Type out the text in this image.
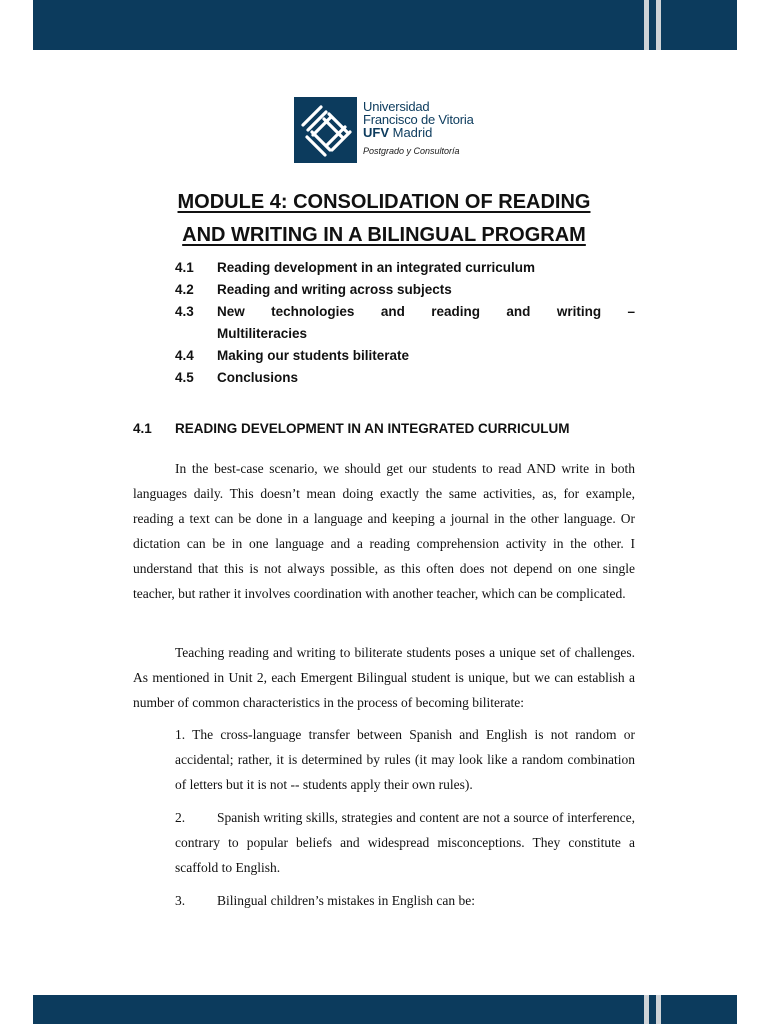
Universidad
Francisco de Vitoria
UFV Madrid
Postgrado y Consultoría
MODULE 4: CONSOLIDATION OF READING
AND WRITING IN A BILINGUAL PROGRAM
4.1	Reading development in an integrated curriculum
4.2	Reading and writing across subjects
4.3	New technologies and reading and writing –
Multiliteracies
4.4	Making our students biliterate
4.5	Conclusions
4.1 READING DEVELOPMENT IN AN INTEGRATED CURRICULUM
In the best-case scenario, we should get our students to read AND write in both languages daily. This doesn’t mean doing exactly the same activities, as, for example, reading a text can be done in a language and keeping a journal in the other language. Or dictation can be in one language and a reading comprehension activity in the other. I understand that this is not always possible, as this often does not depend on one single teacher, but rather it involves coordination with another teacher, which can be complicated.
Teaching reading and writing to biliterate students poses a unique set of challenges. As mentioned in Unit 2, each Emergent Bilingual student is unique, but we can establish a number of common characteristics in the process of becoming biliterate:
1. The cross-language transfer between Spanish and English is not random or accidental; rather, it is determined by rules (it may look like a random combination of letters but it is not -- students apply their own rules).
2. Spanish writing skills, strategies and content are not a source of interference, contrary to popular beliefs and widespread misconceptions. They constitute a scaffold to English.
3. Bilingual children’s mistakes in English can be:
